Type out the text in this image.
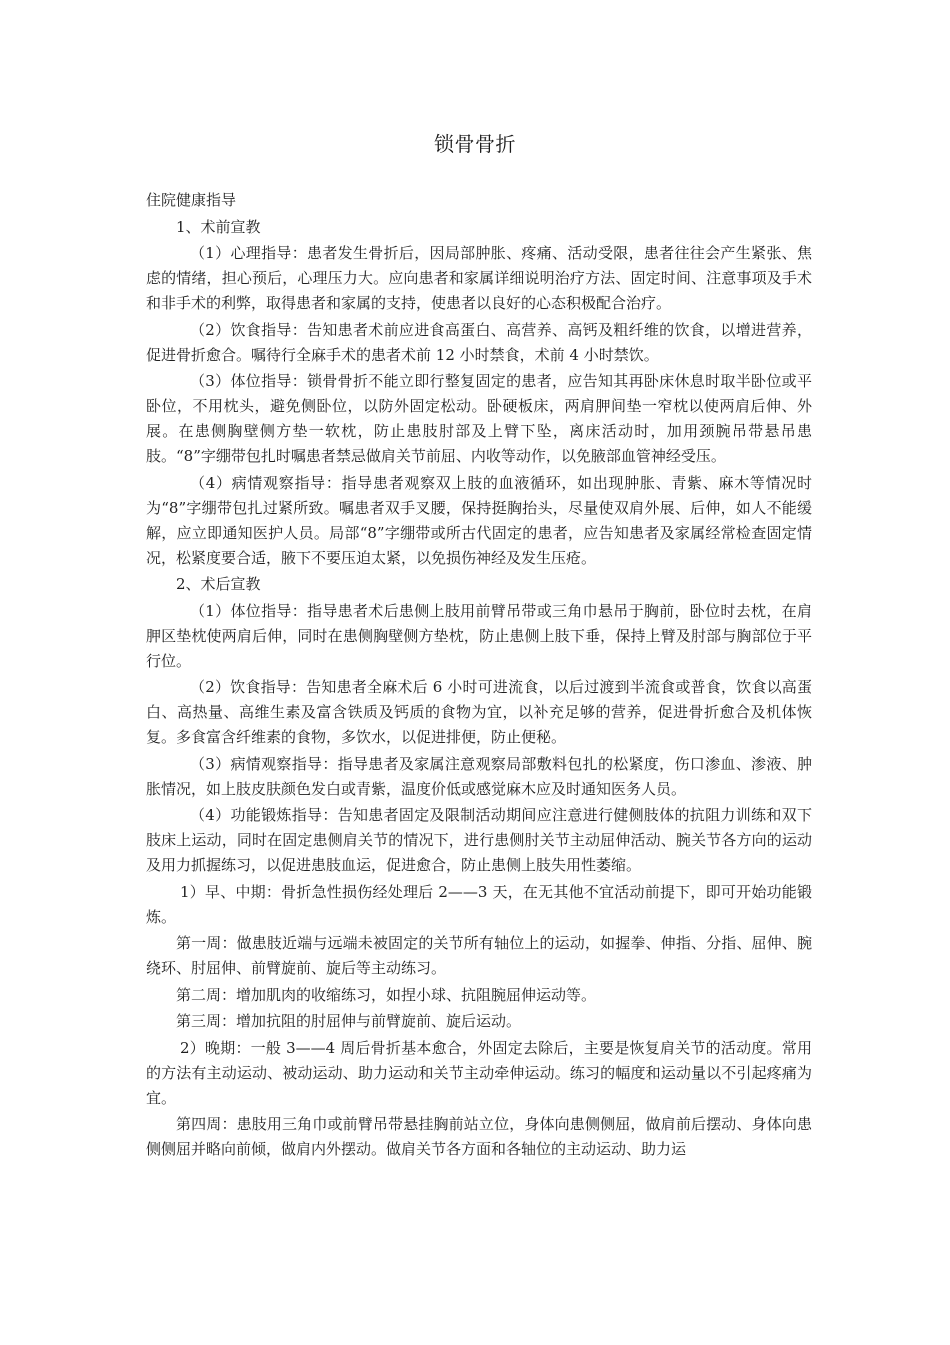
锁骨骨折

住院健康指导

1、术前宣教

（1）心理指导：患者发生骨折后，因局部肿胀、疼痛、活动受限，患者往往会产生紧张、焦虑的情绪，担心预后，心理压力大。应向患者和家属详细说明治疗方法、固定时间、注意事项及手术和非手术的利弊，取得患者和家属的支持，使患者以良好的心态积极配合治疗。

（2）饮食指导：告知患者术前应进食高蛋白、高营养、高钙及粗纤维的饮食，以增进营养，促进骨折愈合。嘱待行全麻手术的患者术前 12 小时禁食，术前 4 小时禁饮。

（3）体位指导：锁骨骨折不能立即行整复固定的患者，应告知其再卧床休息时取半卧位或平卧位，不用枕头，避免侧卧位，以防外固定松动。卧硬板床，两肩胛间垫一窄枕以使两肩后伸、外展。在患侧胸壁侧方垫一软枕，防止患肢肘部及上臂下坠，离床活动时，加用颈腕吊带悬吊患肢。“8”字绷带包扎时嘱患者禁忌做肩关节前屈、内收等动作，以免腋部血管神经受压。

（4）病情观察指导：指导患者观察双上肢的血液循环，如出现肿胀、青紫、麻木等情况时为“8”字绷带包扎过紧所致。嘱患者双手叉腰，保持挺胸抬头，尽量使双肩外展、后伸，如人不能缓解，应立即通知医护人员。局部“8”字绷带或所古代固定的患者，应告知患者及家属经常检查固定情况，松紧度要合适，腋下不要压迫太紧，以免损伤神经及发生压疮。

2、术后宣教

（1）体位指导：指导患者术后患侧上肢用前臂吊带或三角巾悬吊于胸前，卧位时去枕，在肩胛区垫枕使两肩后伸，同时在患侧胸壁侧方垫枕，防止患侧上肢下垂，保持上臂及肘部与胸部位于平行位。

（2）饮食指导：告知患者全麻术后 6 小时可进流食，以后过渡到半流食或普食，饮食以高蛋白、高热量、高维生素及富含铁质及钙质的食物为宜，以补充足够的营养，促进骨折愈合及机体恢复。多食富含纤维素的食物，多饮水，以促进排便，防止便秘。

（3）病情观察指导：指导患者及家属注意观察局部敷料包扎的松紧度，伤口渗血、渗液、肿胀情况，如上肢皮肤颜色发白或青紫，温度价低或感觉麻木应及时通知医务人员。

（4）功能锻炼指导：告知患者固定及限制活动期间应注意进行健侧肢体的抗阻力训练和双下肢床上运动，同时在固定患侧肩关节的情况下，进行患侧肘关节主动屈伸活动、腕关节各方向的运动及用力抓握练习，以促进患肢血运，促进愈合，防止患侧上肢失用性萎缩。

1）早、中期：骨折急性损伤经处理后 2——3 天，在无其他不宜活动前提下，即可开始功能锻炼。

第一周：做患肢近端与远端未被固定的关节所有轴位上的运动，如握拳、伸指、分指、屈伸、腕绕环、肘屈伸、前臂旋前、旋后等主动练习。

第二周：增加肌肉的收缩练习，如捏小球、抗阻腕屈伸运动等。

第三周：增加抗阻的肘屈伸与前臂旋前、旋后运动。

2）晚期：一般 3——4 周后骨折基本愈合，外固定去除后，主要是恢复肩关节的活动度。常用的方法有主动运动、被动运动、助力运动和关节主动牵伸运动。练习的幅度和运动量以不引起疼痛为宜。

第四周：患肢用三角巾或前臂吊带悬挂胸前站立位，身体向患侧侧屈，做肩前后摆动、身体向患侧侧屈并略向前倾，做肩内外摆动。做肩关节各方面和各轴位的主动运动、助力运
